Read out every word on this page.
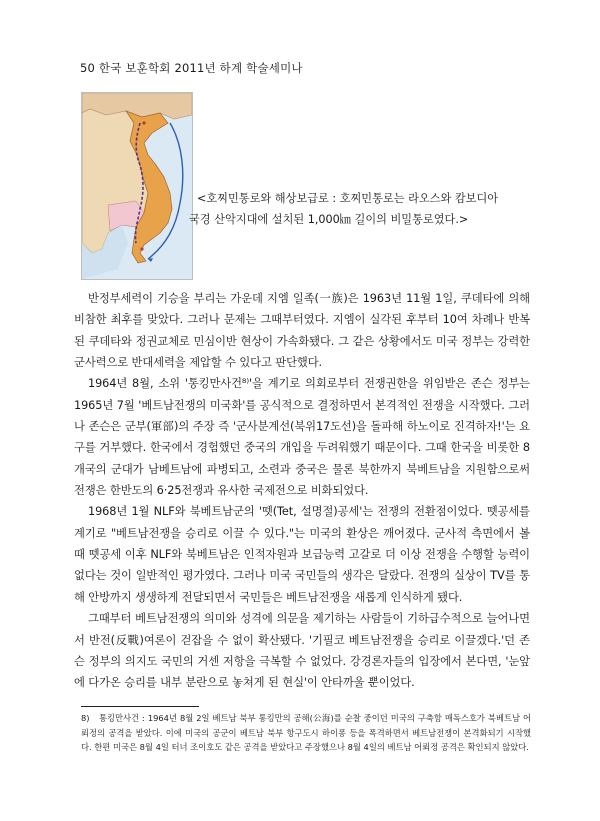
50 한국 보훈학회 2011년 하계 학술세미나
<호찌민통로와 해상보급로 : 호찌민통로는 라오스와 캄보디아
국경 산악지대에 설치된 1,000㎞ 길이의 비밀통로였다.>

반정부세력이 기승을 부리는 가운데 지엠 일족(一族)은 1963년 11월 1일, 쿠데타에 의해 비참한 최후를 맞았다. 그러나 문제는 그때부터였다. 지엠이 실각된 후부터 10여 차례나 반복된 쿠데타와 정권교체로 민심이반 현상이 가속화됐다. 그 같은 상황에서도 미국 정부는 강력한 군사력으로 반대세력을 제압할 수 있다고 판단했다.

1964년 8월, 소위 '통킹만사건⁸⁾'을 계기로 의회로부터 전쟁권한을 위임받은 존슨 정부는 1965년 7월 '베트남전쟁의 미국화'를 공식적으로 결정하면서 본격적인 전쟁을 시작했다. 그러나 존슨은 군부(軍部)의 주장 즉 '군사분계선(북위17도선)을 돌파해 하노이로 진격하자!'는 요구를 거부했다. 한국에서 경험했던 중국의 개입을 두려워했기 때문이다. 그때 한국을 비롯한 8개국의 군대가 남베트남에 파병되고, 소련과 중국은 물론 북한까지 북베트남을 지원함으로써 전쟁은 한반도의 6·25전쟁과 유사한 국제전으로 비화되었다.

1968년 1월 NLF와 북베트남군의 '뗏(Tet, 설명절)공세'는 전쟁의 전환점이었다. 뗏공세를 계기로 "베트남전쟁을 승리로 이끌 수 있다."는 미국의 환상은 깨어졌다. 군사적 측면에서 볼 때 뗏공세 이후 NLF와 북베트남은 인적자원과 보급능력 고갈로 더 이상 전쟁을 수행할 능력이 없다는 것이 일반적인 평가였다. 그러나 미국 국민들의 생각은 달랐다. 전쟁의 실상이 TV를 통해 안방까지 생생하게 전달되면서 국민들은 베트남전쟁을 새롭게 인식하게 됐다.

그때부터 베트남전쟁의 의미와 성격에 의문을 제기하는 사람들이 기하급수적으로 늘어나면서 반전(反戰)여론이 걷잡을 수 없이 확산됐다. '기필코 베트남전쟁을 승리로 이끌겠다.'던 존슨 정부의 의지도 국민의 거센 저항을 극복할 수 없었다. 강경론자들의 입장에서 본다면, '눈앞에 다가온 승리를 내부 분란으로 놓쳐게 된 현실'이 안타까울 뿐이었다.

8) 통킹만사건 : 1964년 8월 2일 베트남 북부 통킹만의 공해(公海)를 순찰 중이던 미국의 구축함 매독스호가 북베트남 어뢰정의 공격을 받았다. 이에 미국의 공군이 베트남 북부 항구도시 하이퐁 등을 폭격하면서 베트남전쟁이 본격화되기 시작했다. 한편 미국은 8월 4일 터너 조이호도 같은 공격을 받았다고 주장했으나 8월 4일의 베트남 어뢰정 공격은 확인되지 않았다.
